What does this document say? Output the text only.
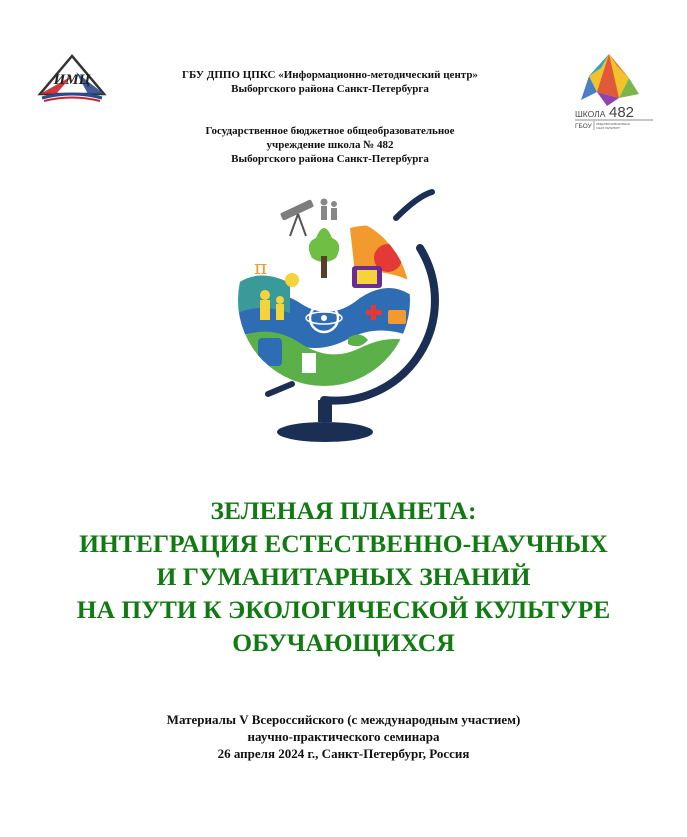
ИМЦ
ШКОЛА 482
ГБОУ	ОБЩЕОБРАЗОВАТЕЛЬНАЯ
САНКТ-ПЕТЕРБУРГ
ГБУ ДППО ЦПКС «Информационно-методический центр»
Выборгского района Санкт-Петербурга
Государственное бюджетное общеобразовательное
учреждение школа № 482
Выборгского района Санкт-Петербурга
π
ЗЕЛЕНАЯ ПЛАНЕТА:
ИНТЕГРАЦИЯ ЕСТЕСТВЕННО-НАУЧНЫХ
И ГУМАНИТАРНЫХ ЗНАНИЙ
НА ПУТИ К ЭКОЛОГИЧЕСКОЙ КУЛЬТУРЕ
ОБУЧАЮЩИХСЯ
Материалы V Всероссийского (с международным участием)
научно-практического семинара
26 апреля 2024 г., Санкт-Петербург, Россия
